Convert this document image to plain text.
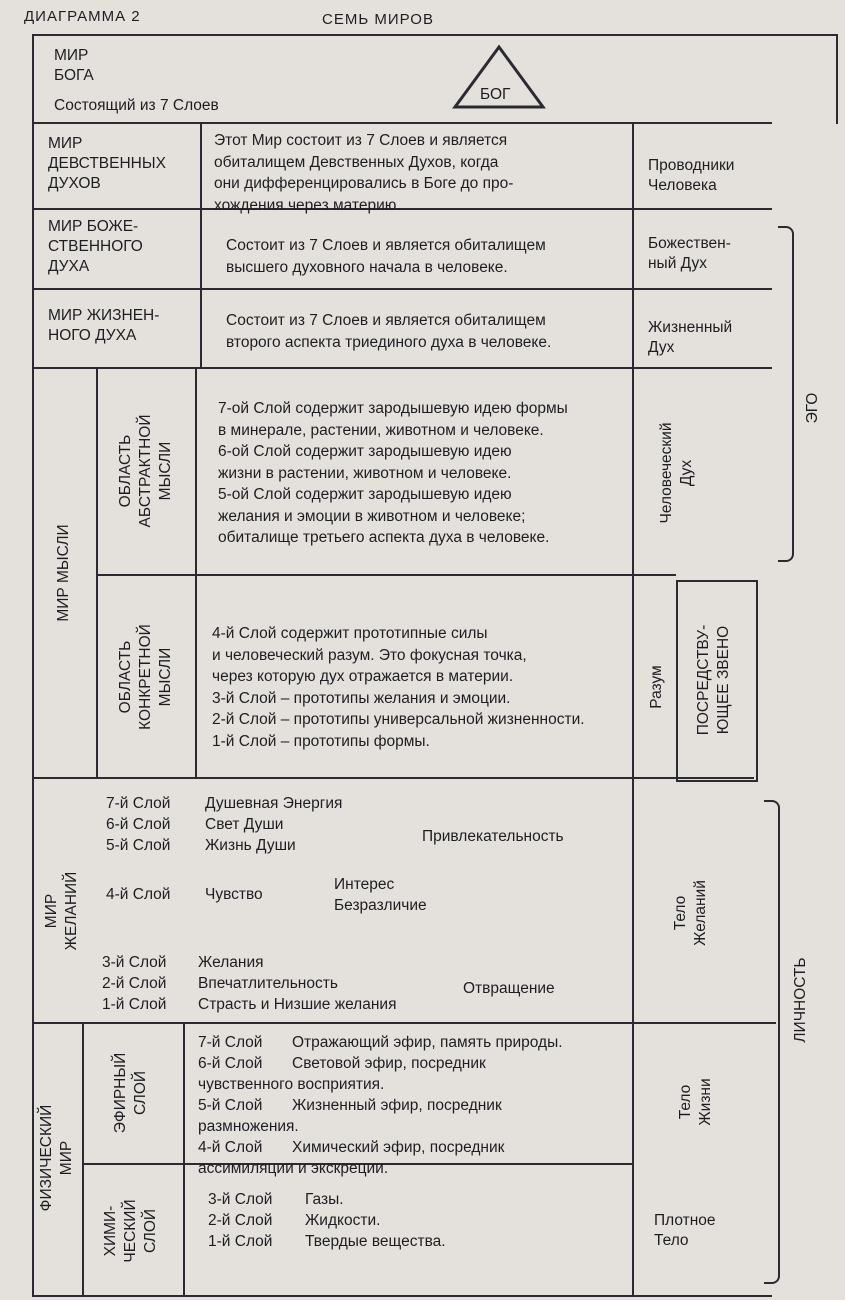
ДИАГРАММА 2	СЕМЬ МИРОВ
МИР
БОГА
Состоящий из 7 Слоев
БОГ
МИР
ДЕВСТВЕННЫХ
ДУХОВ
Этот Мир состоит из 7 Слоев и является
обиталищем Девственных Духов, когда
они дифференцировались в Боге до про-
хождения через материю.
Проводники
Человека
МИР БОЖЕ-
СТВЕННОГО
ДУХА
Состоит из 7 Слоев и является обиталищем
высшего духовного начала в человеке.
Божествен-
ный Дух
МИР ЖИЗНЕН-
НОГО ДУХА
Состоит из 7 Слоев и является обиталищем
второго аспекта триединого духа в человеке.
Жизненный
Дух
МИР МЫСЛИ
ОБЛАСТЬ
АБСТРАКТНОЙ
МЫСЛИ
7-ой Слой содержит зародышевую идею формы
в минерале, растении, животном и человеке.
6-ой Слой содержит зародышевую идею
жизни в растении, животном и человеке.
5-ой Слой содержит зародышевую идею
желания и эмоции в животном и человеке;
обиталище третьего аспекта духа в человеке.
Человеческий
Дух
ОБЛАСТЬ
КОНКРЕТНОЙ
МЫСЛИ
4-й Слой содержит прототипные силы
и человеческий разум. Это фокусная точка,
через которую дух отражается в материи.
3-й Слой – прототипы желания и эмоции.
2-й Слой – прототипы универсальной жизненности.
1-й Слой – прототипы формы.
Разум
МИР
ЖЕЛАНИЙ
7-й Слой Душевная Энергия
6-й Слой Свет Души
5-й Слой Жизнь Души
4-й Слой Чувство
3-й Слой Желания
2-й Слой Впечатлительность
1-й Слой Страсть и Низшие желания
Привлекательность
Интерес
Безразличие
Отвращение
Тело
Желаний
ФИЗИЧЕСКИЙ
МИР
ЭФИРНЫЙ
СЛОЙ
7-й Слой Отражающий эфир, память природы.
6-й Слой Световой эфир, посредник
чувственного восприятия.
5-й Слой Жизненный эфир, посредник
размножения.
4-й Слой Химический эфир, посредник
ассимиляции и экскреции.
Тело
Жизни
ХИМИ-
ЧЕСКИЙ
СЛОЙ
3-й Слой Газы.
2-й Слой Жидкости.
1-й Слой Твердые вещества.
Плотное
Тело
ЭГО
ПОСРЕДСТВУ-
ЮЩЕЕ ЗВЕНО
ЛИЧНОСТЬ
